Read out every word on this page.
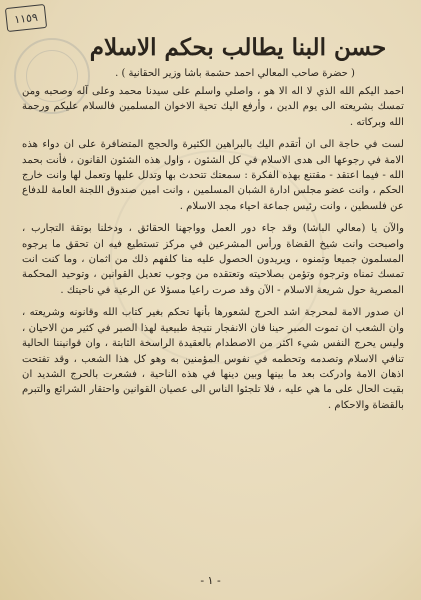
١١٥٩
حسن البنا يطالب بحكم الاسلام
( حضرة صاحب المعالي احمد حشمة باشا وزير الحقانية ) .

احمد اليكم الله الذي لا اله الا هو ، واصلي واسلم على سيدنا محمد وعلى آله وصحبه ومن تمسك بشريعته الى يوم الدين ، وأرفع اليك تحية الاخوان المسلمين فالسلام عليكم ورحمة الله وبركاته .

لست في حاجة الى ان أتقدم اليك بالبراهين الكثيرة والحجج المتضافرة على ان دواء هذه الامة في رجوعها الى هدى الاسلام في كل الشئون ، واول هذه الشئون القانون ، فأنت بحمد الله - فيما اعتقد - مقتنع بهذه الفكرة : سمعتك تتحدث بها وتدلل عليها وتعمل لها وانت خارج الحكم ، وانت عضو مجلس ادارة الشبان المسلمين ، وانت امين صندوق اللجنة العامة للدفاع عن فلسطين ، وانت رئيس جماعة احياء مجد الاسلام .

والآن يا (معالي الباشا) وقد جاء دور العمل وواجهنا الحقائق ، ودخلنا بوتقة التجارب ، واصبحت وانت شيخ القضاة ورأس المشرعين في مركز تستطيع فيه ان تحقق ما يرجوه المسلمون جميعا وتمنوه ، ويريدون الحصول عليه منا كلفهم ذلك من اثمان ، وما كنت انت تمسك تمناه وترجوه وتؤمن بصلاحيته وتعتقده من وجوب تعديل القوانين ، وتوحيد المحكمة المصرية حول شريعة الاسلام - الآن وقد صرت راعيا مسؤلا عن الرعية في ناحيتك .

ان صدور الامة لمحرجة اشد الحرج لشعورها بأنها تحكم بغير كتاب الله وقانونه وشريعته ، وان الشعب ان تموت الصبر حينا فان الانفجار نتيجة طبيعية لهذا الصبر في كثير من الاحيان ، وليس يحرج النفس شيء اكثر من الاصطدام بالعقيدة الراسخة الثابتة ، وان قوانيننا الحالية تنافي الاسلام وتصدمه وتحطمه في نفوس المؤمنين به وهو كل هذا الشعب ، وقد تفتحت اذهان الامة وادركت بعد ما بينها وبين دينها في هذه الناحية ، فشعرت بالحرج الشديد ان بقيت الحال على ما هي عليه ، فلا تلجئوا الناس الى عصيان القوانين واحتقار الشرائع والتبرم بالقضاة والاحكام .

- ١ -
